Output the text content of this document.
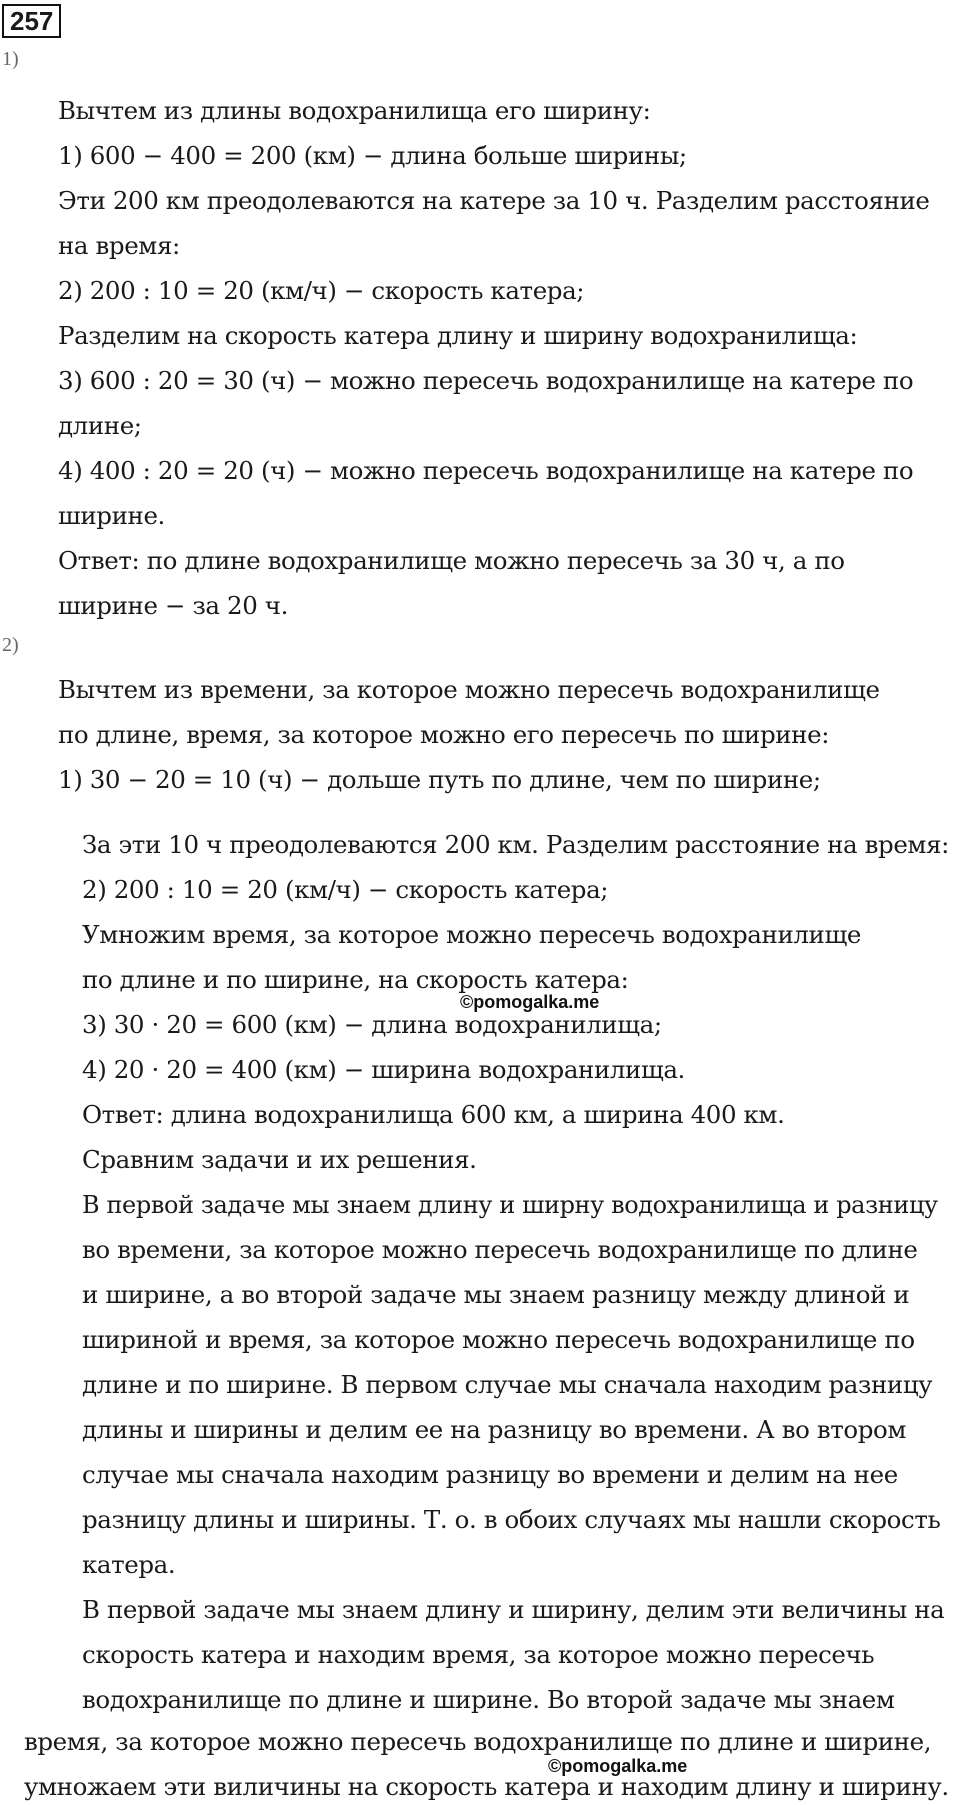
257
1)
Вычтем из длины водохранилища его ширину:
1) 600 − 400 = 200 (км) − длина больше ширины;
Эти 200 км преодолеваются на катере за 10 ч. Разделим расстояние
на время:
2) 200 : 10 = 20 (км/ч) − скорость катера;
Разделим на скорость катера длину и ширину водохранилища:
3) 600 : 20 = 30 (ч) − можно пересечь водохранилище на катере по
длине;
4) 400 : 20 = 20 (ч) − можно пересечь водохранилище на катере по
ширине.
Ответ: по длине водохранилище можно пересечь за 30 ч, а по
ширине − за 20 ч.
2)
Вычтем из времени, за которое можно пересечь водохранилище
по длине, время, за которое можно его пересечь по ширине:
1) 30 − 20 = 10 (ч) − дольше путь по длине, чем по ширине;
За эти 10 ч преодолеваются 200 км. Разделим расстояние на время:
2) 200 : 10 = 20 (км/ч) − скорость катера;
Умножим время, за которое можно пересечь водохранилище
по длине и по ширине, на скорость катера:
3) 30 · 20 = 600 (км) − длина водохранилища;
4) 20 · 20 = 400 (км) − ширина водохранилища.
Ответ: длина водохранилища 600 км, а ширина 400 км.
Сравним задачи и их решения.
В первой задаче мы знаем длину и ширну водохранилища и разницу
во времени, за которое можно пересечь водохранилище по длине
и ширине, а во второй задаче мы знаем разницу между длиной и
шириной и время, за которое можно пересечь водохранилище по
длине и по ширине. В первом случае мы сначала находим разницу
длины и ширины и делим ее на разницу во времени. А во втором
случае мы сначала находим разницу во времени и делим на нее
разницу длины и ширины. Т. о. в обоих случаях мы нашли скорость
катера.
В первой задаче мы знаем длину и ширину, делим эти величины на
скорость катера и находим время, за которое можно пересечь
водохранилище по длине и ширине. Во второй задаче мы знаем
время, за которое можно пересечь водохранилище по длине и ширине,
умножаем эти виличины на скорость катера и находим длину и ширину.
©pomogalka.me
©pomogalka.me
